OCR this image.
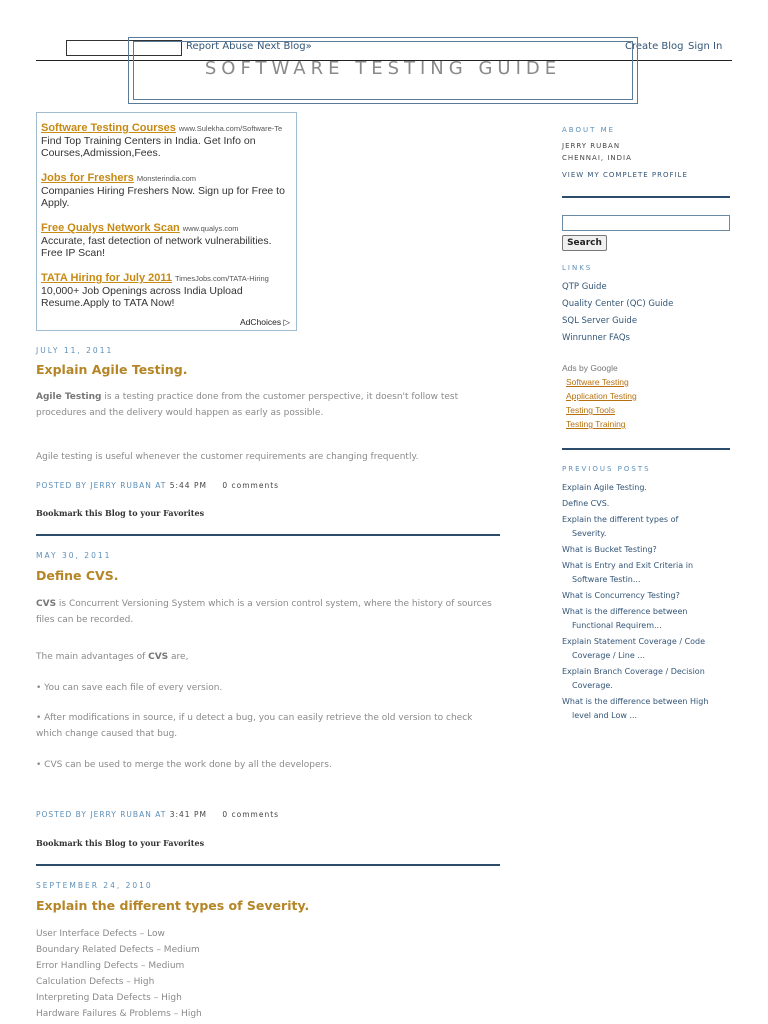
Report Abuse Next Blog»	Create Blog Sign In
SOFTWARE TESTING GUIDE
Software Testing Courses www.Sulekha.com/Software-Te
Find Top Training Centers in India. Get Info on Courses,Admission,Fees.
Jobs for Freshers Monsterindia.com
Companies Hiring Freshers Now. Sign up for Free to Apply.
Free Qualys Network Scan www.qualys.com
Accurate, fast detection of network vulnerabilities. Free IP Scan!
TATA Hiring for July 2011 TimesJobs.com/TATA-Hiring
10,000+ Job Openings across India Upload Resume.Apply to TATA Now!
AdChoices ▷
JULY 11, 2011
Explain Agile Testing.
Agile Testing is a testing practice done from the customer perspective, it doesn't follow test procedures and the delivery would happen as early as possible.
Agile testing is useful whenever the customer requirements are changing frequently.
POSTED BY JERRY RUBAN AT 5:44 PM 0 comments
Bookmark this Blog to your Favorites
MAY 30, 2011
Define CVS.
CVS is Concurrent Versioning System which is a version control system, where the history of sources files can be recorded.
The main advantages of CVS are,
• You can save each file of every version.
• After modifications in source, if u detect a bug, you can easily retrieve the old version to check which change caused that bug.
• CVS can be used to merge the work done by all the developers.
POSTED BY JERRY RUBAN AT 3:41 PM 0 comments
Bookmark this Blog to your Favorites
SEPTEMBER 24, 2010
Explain the different types of Severity.
User Interface Defects – Low
Boundary Related Defects – Medium
Error Handling Defects – Medium
Calculation Defects – High
Interpreting Data Defects – High
Hardware Failures & Problems – High
ABOUT ME
JERRY RUBAN
CHENNAI, INDIA
VIEW MY COMPLETE PROFILE
Search
LINKS
QTP Guide
Quality Center (QC) Guide
SQL Server Guide
Winrunner FAQs
Ads by Google
Software Testing
Application Testing
Testing Tools
Testing Training
PREVIOUS POSTS
Explain Agile Testing.
Define CVS.
Explain the different types of
Severity.
What is Bucket Testing?
What is Entry and Exit Criteria in
Software Testin...
What is Concurrency Testing?
What is the difference between
Functional Requirem...
Explain Statement Coverage / Code
Coverage / Line ...
Explain Branch Coverage / Decision
Coverage.
What is the difference between High
level and Low ...
